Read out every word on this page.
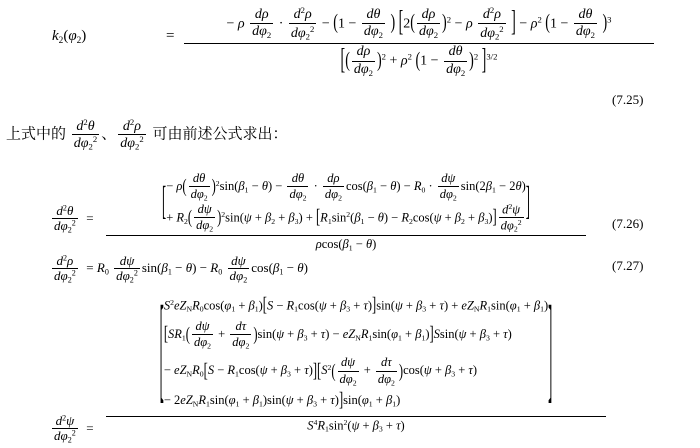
k2(φ2)	=
− ρ $\frac{d\rho}{d\varphi 2} \cdot \frac{d^2\rho}{d\varphi 2^2} - (1 - \frac{d\theta}{d\varphi 2}$ ) [$2( \frac{d\rho}{d\varphi 2} )^2 - \rho \frac{d^2\rho}{d\varphi 2^2}$ ] − $\rho^2$ $(1 - \frac{d\theta}{d\varphi 2} )^3$
[( $\frac{d\rho}{d\varphi 2} )^2 + \rho^2$ $(1 - \frac{d\theta}{d\varphi 2} )^2$ ]$^{3/2}$
(7.25)
上式中的 $\frac{d^2\theta}{d\varphi 2^2}$ 、 $\frac{d^2\rho}{d\varphi 2^2}$ 可由前述公式求出：
$\frac{d^2\theta}{d\varphi 2^2}$ =	[ − $\rho( \frac{d\theta}{d\varphi 2} )^2\sin(\beta 1 - \theta) - \frac{d\theta}{d\varphi 2} \cdot \frac{d\rho}{d\varphi 2} \cos(\beta 1 - \theta) - R0 \cdot \frac{d\psi}{d\varphi 2} \sin(2\beta 1 - 2\theta)$
+ $R2( \frac{d\psi}{d\varphi 2} )^2\sin(\psi + \beta 2 + \beta 3) + [R1\sin^2(\beta 1 - \theta) - R2\cos(\psi + \beta 2 + \beta 3)] \frac{d^2\psi}{d\varphi 2^2}$ ]
ρcos(β1 − θ)
(7.26)
$\frac{d^2\rho}{d\varphi 2^2} = R0 \frac{d\psi}{d\varphi 2^2} \sin(\beta 1 - \theta) - R0 \frac{d\psi}{d\varphi 2} \cos(\beta 1 - \theta)$	(7.27)
$\frac{d^2\psi}{d\varphi 2^2}$ =
[ $S^2eZNR0\cos(\varphi 1 + \beta 1)[S - R1\cos(\psi + \beta 3 + \tau)]\sin(\psi + \beta 3 + \tau)$ + eZNR1sin(φ1 + β1)
[$SR1( \frac{d\psi}{d\varphi 2} + \frac{d\tau}{d\varphi 2} )\sin(\psi + \beta 3 + \tau)$ − eZNR1sin(φ1 + β1)]Ssin(ψ + β3 + τ)
− eZNR0[S − $R1\cos(\psi + \beta 3 + \tau)][S^2( \frac{d\psi}{d\varphi 2} + \frac{d\tau}{d\varphi 2} )\cos(\psi + \beta 3 + \tau)$
− 2eZNR1sin(φ1 + β1)sin(ψ + β3 + τ)]sin(φ1 + β1)	]
$S^4R1\sin^2(\psi + \beta 3 + \tau)$
